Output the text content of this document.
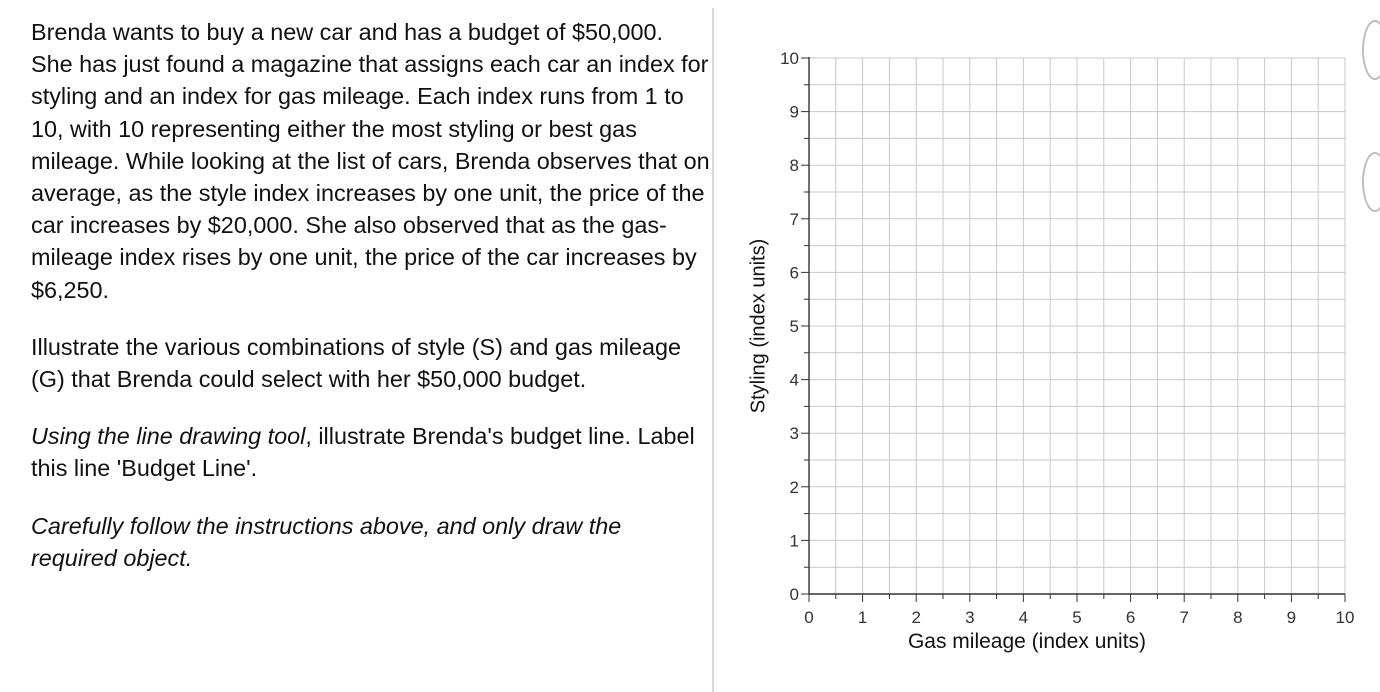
Brenda wants to buy a new car and has a budget of $50,000. She has just found a magazine that assigns each car an index for styling and an index for gas mileage. Each index runs from 1 to 10, with 10 representing either the most styling or best gas mileage. While looking at the list of cars, Brenda observes that on average, as the style index increases by one unit, the price of the car increases by $20,000. She also observed that as the gas-mileage index rises by one unit, the price of the car increases by $6,250.

Illustrate the various combinations of style (S) and gas mileage (G) that Brenda could select with her $50,000 budget.

Using the line drawing tool, illustrate Brenda's budget line. Label this line 'Budget Line'.

Carefully follow the instructions above, and only draw the required object.

0	1	2	3	4	5	6	7	8	9 10
0
1
2
3
4
5
6
7
8
9
10
Styling (index units)
Gas mileage (index units)
